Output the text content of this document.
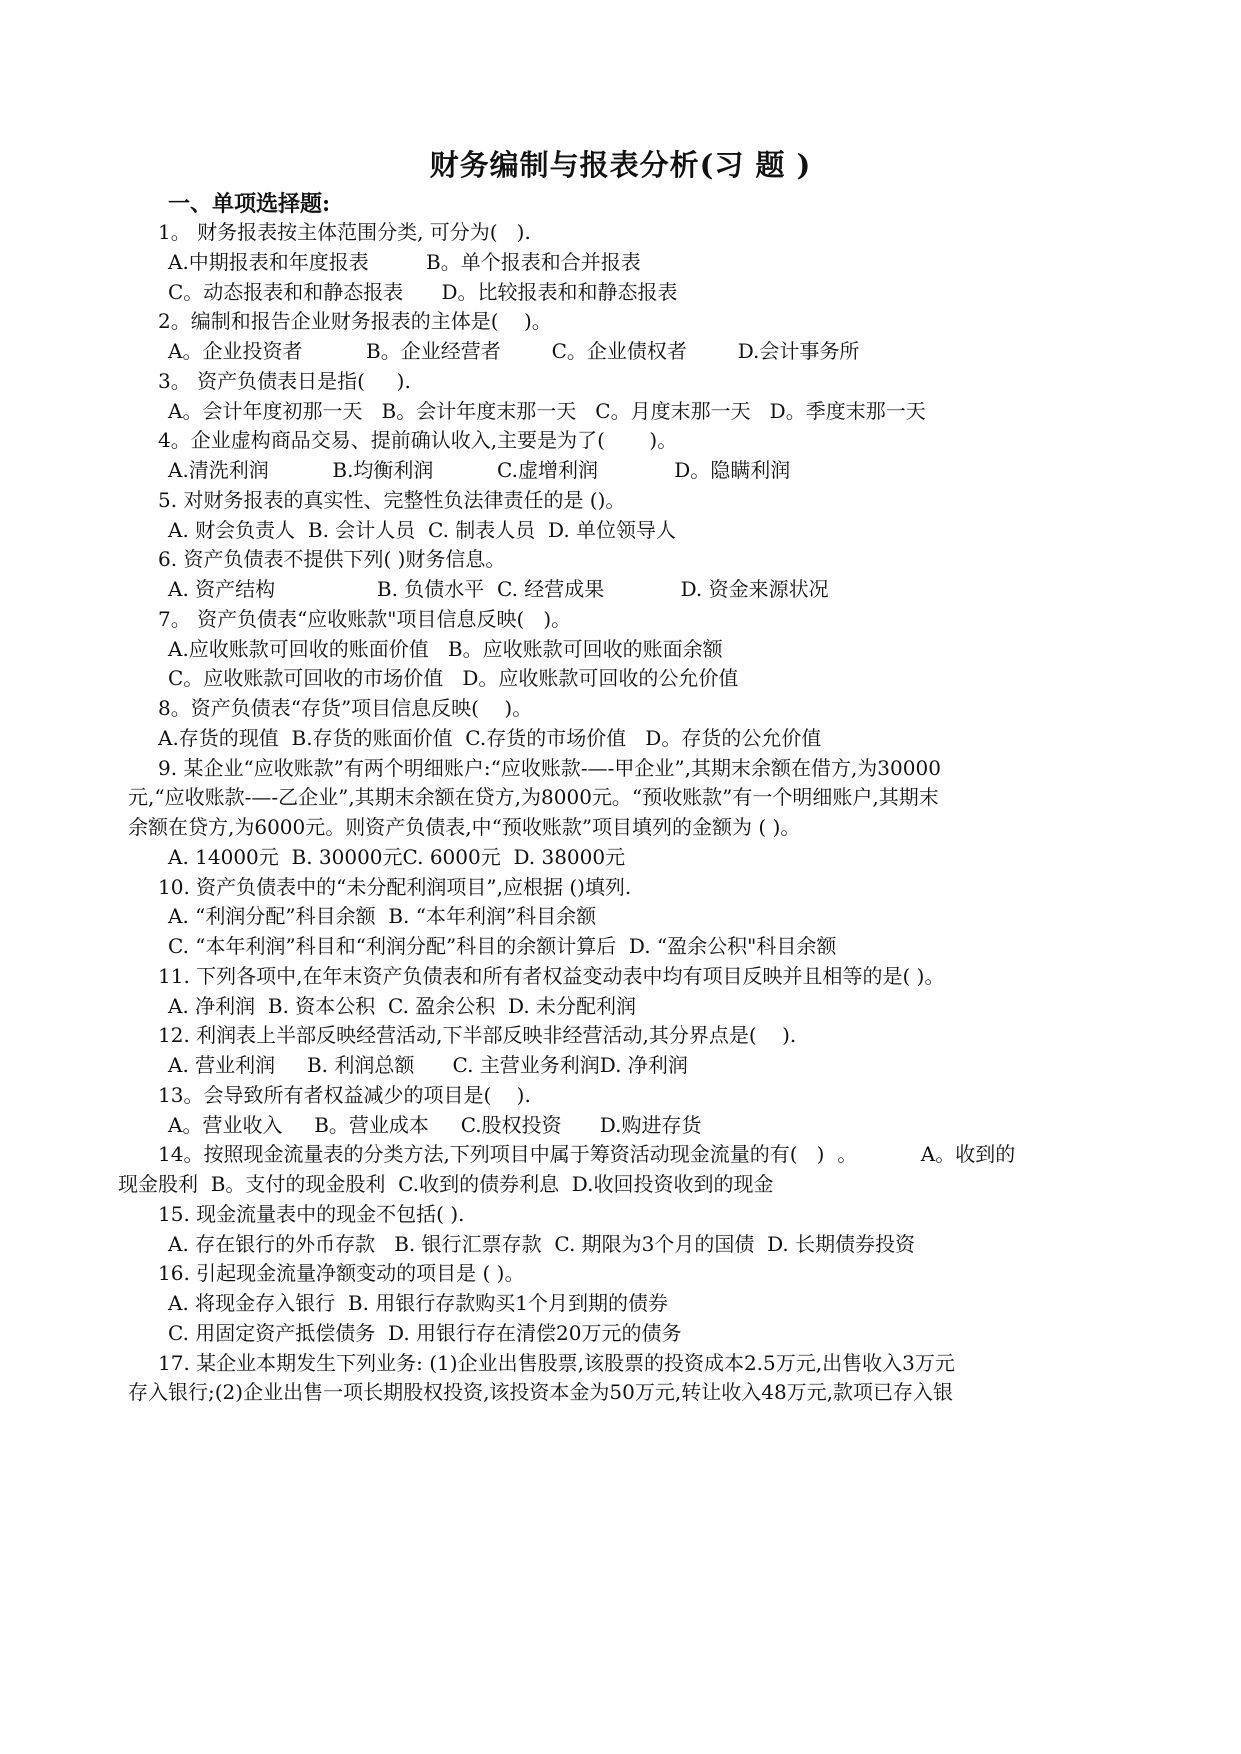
财务编制与报表分析(习 题 )
一、单项选择题:
1。 财务报表按主体范围分类, 可分为(   ).
A.中期报表和年度报表         B。单个报表和合并报表
C。动态报表和和静态报表      D。比较报表和和静态报表
2。编制和报告企业财务报表的主体是(    )。
A。企业投资者          B。企业经营者        C。企业债权者        D.会计事务所
3。 资产负债表日是指(     ).
A。会计年度初那一天   B。会计年度末那一天   C。月度末那一天   D。季度末那一天
4。企业虚构商品交易、提前确认收入,主要是为了(       )。
A.清洗利润          B.均衡利润          C.虚增利润            D。隐瞒利润
5. 对财务报表的真实性、完整性负法律责任的是 ()。
A. 财会负责人  B. 会计人员  C. 制表人员  D. 单位领导人
6. 资产负债表不提供下列( )财务信息。
A. 资产结构                B. 负债水平  C. 经营成果            D. 资金来源状况
7。 资产负债表“应收账款"项目信息反映(   )。
A.应收账款可回收的账面价值   B。应收账款可回收的账面余额
C。应收账款可回收的市场价值   D。应收账款可回收的公允价值
8。资产负债表“存货”项目信息反映(    )。
A.存货的现值  B.存货的账面价值  C.存货的市场价值   D。存货的公允价值
9. 某企业“应收账款”有两个明细账户:“应收账款-—-甲企业”,其期末余额在借方,为30000
元,“应收账款-—-乙企业”,其期末余额在贷方,为8000元。“预收账款”有一个明细账户,其期末
余额在贷方,为6000元。则资产负债表,中“预收账款”项目填列的金额为 ( )。
A. 14000元  B. 30000元C. 6000元  D. 38000元
10. 资产负债表中的“未分配利润项目”,应根据 ()填列.
A. “利润分配”科目余额  B. “本年利润”科目余额
C. “本年利润”科目和“利润分配”科目的余额计算后  D. “盈余公积"科目余额
11. 下列各项中,在年末资产负债表和所有者权益变动表中均有项目反映并且相等的是( )。
A. 净利润  B. 资本公积  C. 盈余公积  D. 未分配利润
12. 利润表上半部反映经营活动,下半部反映非经营活动,其分界点是(    ).
A. 营业利润     B. 利润总额      C. 主营业务利润D. 净利润
13。会导致所有者权益减少的项目是(    ).
A。营业收入     B。营业成本     C.股权投资      D.购进存货
14。按照现金流量表的分类方法,下列项目中属于筹资活动现金流量的有(   )  。          A。收到的
现金股利  B。支付的现金股利  C.收到的债券利息  D.收回投资收到的现金
15. 现金流量表中的现金不包括( ).
A. 存在银行的外币存款   B. 银行汇票存款  C. 期限为3个月的国债  D. 长期债券投资
16. 引起现金流量净额变动的项目是 ( )。
A. 将现金存入银行  B. 用银行存款购买1个月到期的债券
C. 用固定资产抵偿债务  D. 用银行存在清偿20万元的债务
17. 某企业本期发生下列业务: (1)企业出售股票,该股票的投资成本2.5万元,出售收入3万元
存入银行;(2)企业出售一项长期股权投资,该投资本金为50万元,转让收入48万元,款项已存入银
